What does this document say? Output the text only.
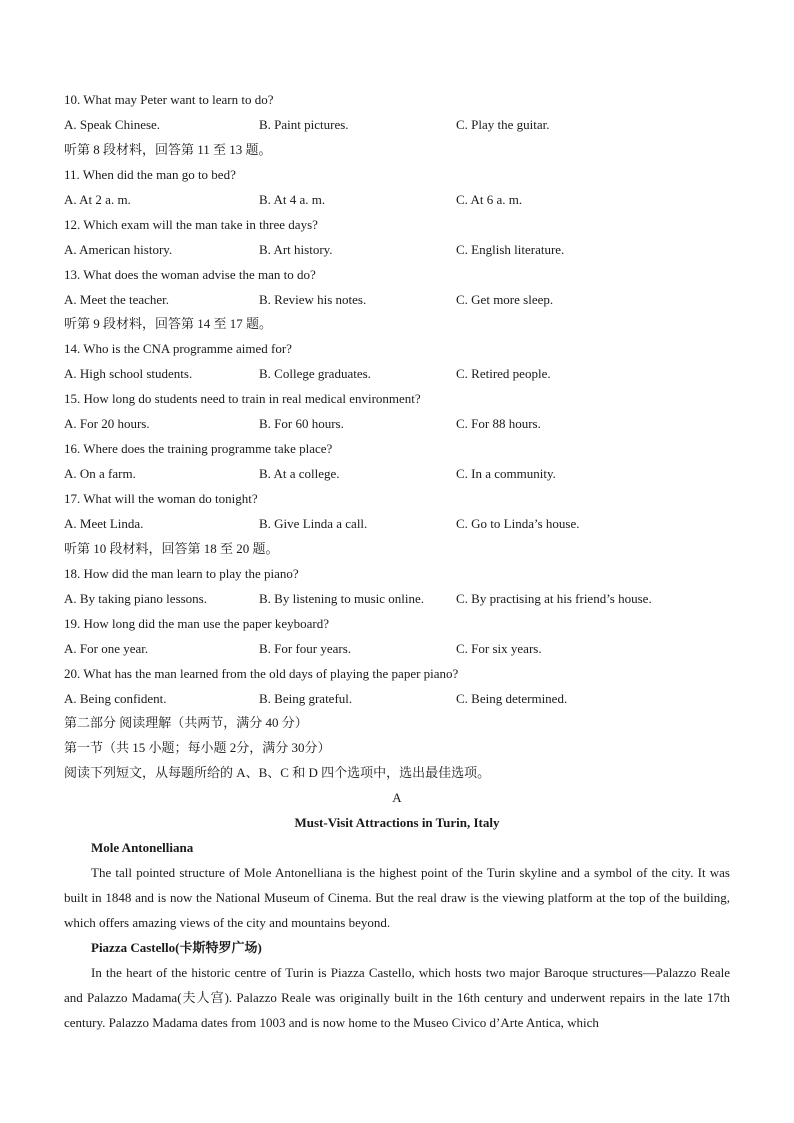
10. What may Peter want to learn to do?
A. Speak Chinese.	B. Paint pictures.	C. Play the guitar.
听第 8 段材料，回答第 11 至 13 题。
11. When did the man go to bed?
A. At 2 a. m.	B. At 4 a. m.	C. At 6 a. m.
12. Which exam will the man take in three days?
A. American history.	B. Art history.	C. English literature.
13. What does the woman advise the man to do?
A. Meet the teacher.	B. Review his notes.	C. Get more sleep.
听第 9 段材料，回答第 14 至 17 题。
14. Who is the CNA programme aimed for?
A. High school students.	B. College graduates.	C. Retired people.
15. How long do students need to train in real medical environment?
A. For 20 hours.	B. For 60 hours.	C. For 88 hours.
16. Where does the training programme take place?
A. On a farm.	B. At a college.	C. In a community.
17. What will the woman do tonight?
A. Meet Linda.	B. Give Linda a call.	C. Go to Linda’s house.
听第 10 段材料，回答第 18 至 20 题。
18. How did the man learn to play the piano?
A. By taking piano lessons.	B. By listening to music online. C. By practising at his friend’s house.
19. How long did the man use the paper keyboard?
A. For one year.	B. For four years.	C. For six years.
20. What has the man learned from the old days of playing the paper piano?
A. Being confident.	B. Being grateful.	C. Being determined.
第二部分 阅读理解（共两节，满分 40 分）
第一节（共 15 小题；每小题 2分，满分 30分）
阅读下列短文，从每题所给的 A、B、C 和 D 四个选项中，选出最佳选项。
A
Must-Visit Attractions in Turin, Italy
Mole Antonelliana
The tall pointed structure of Mole Antonelliana is the highest point of the Turin skyline and a symbol of the city. It was built in 1848 and is now the National Museum of Cinema. But the real draw is the viewing platform at the top of the building, which offers amazing views of the city and mountains beyond.
Piazza Castello(卡斯特罗广场)
In the heart of the historic centre of Turin is Piazza Castello, which hosts two major Baroque structures—Palazzo Reale and Palazzo Madama(夫人宫). Palazzo Reale was originally built in the 16th century and underwent repairs in the late 17th century. Palazzo Madama dates from 1003 and is now home to the Museo Civico d’Arte Antica, which
